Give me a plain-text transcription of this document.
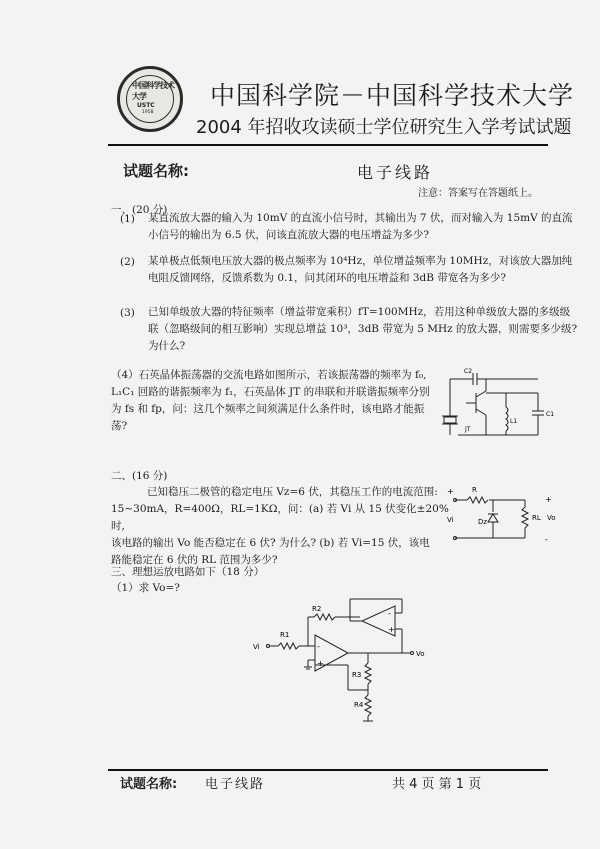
中国科学技术大学
USTC
1958
中国科学院－中国科学技术大学
2004 年招收攻读硕士学位研究生入学考试试题
试题名称:	电子线路
注意：答案写在答题纸上。
一、(20 分)
(1) 某直流放大器的输入为 10mV 的直流小信号时，其输出为 7 伏，而对输入为 15mV 的直流
小信号的输出为 6.5 伏，问该直流放大器的电压增益为多少?
(2) 某单极点低频电压放大器的极点频率为 10⁴Hz，单位增益频率为 10MHz，对该放大器加纯
电阻反馈网络，反馈系数为 0.1，问其闭环的电压增益和 3dB 带宽各为多少?
(3) 已知单级放大器的特征频率（增益带宽乘积）fT=100MHz，若用这种单级放大器的多级级
联（忽略级间的相互影响）实现总增益 10³，3dB 带宽为 5 MHz 的放大器，则需要多少级?
为什么?
（4）石英晶体振荡器的交流电路如图所示，若该振荡器的频率为 f₀,
L₁C₁ 回路的谐振频率为 f₁，石英晶体 JT 的串联和并联谐振频率分别
为 fs 和 fp，问：这几个频率之间须满足什么条件时，该电路才能振
荡?
C2
C1
L1
JT
二、(16 分)
已知稳压二极管的稳定电压 Vz=6 伏，其稳压工作的电流范围:
15~30mA，R=400Ω，RL=1KΩ，问：(a) 若 Vi 从 15 伏变化±20%时,
该电路的输出 Vo 能否稳定在 6 伏? 为什么? (b) 若 Vi=15 伏，该电
路能稳定在 6 伏的 RL 范围为多少?
R
+
Vi	Dz	RL
+
Vo
-
三、理想运放电路如下（18 分）
（1）求 Vo=?
Vi
R1
R2
R3
R4
Vo
-
+
-
+
试题名称: 电子线路	共 4 页 第 1 页
